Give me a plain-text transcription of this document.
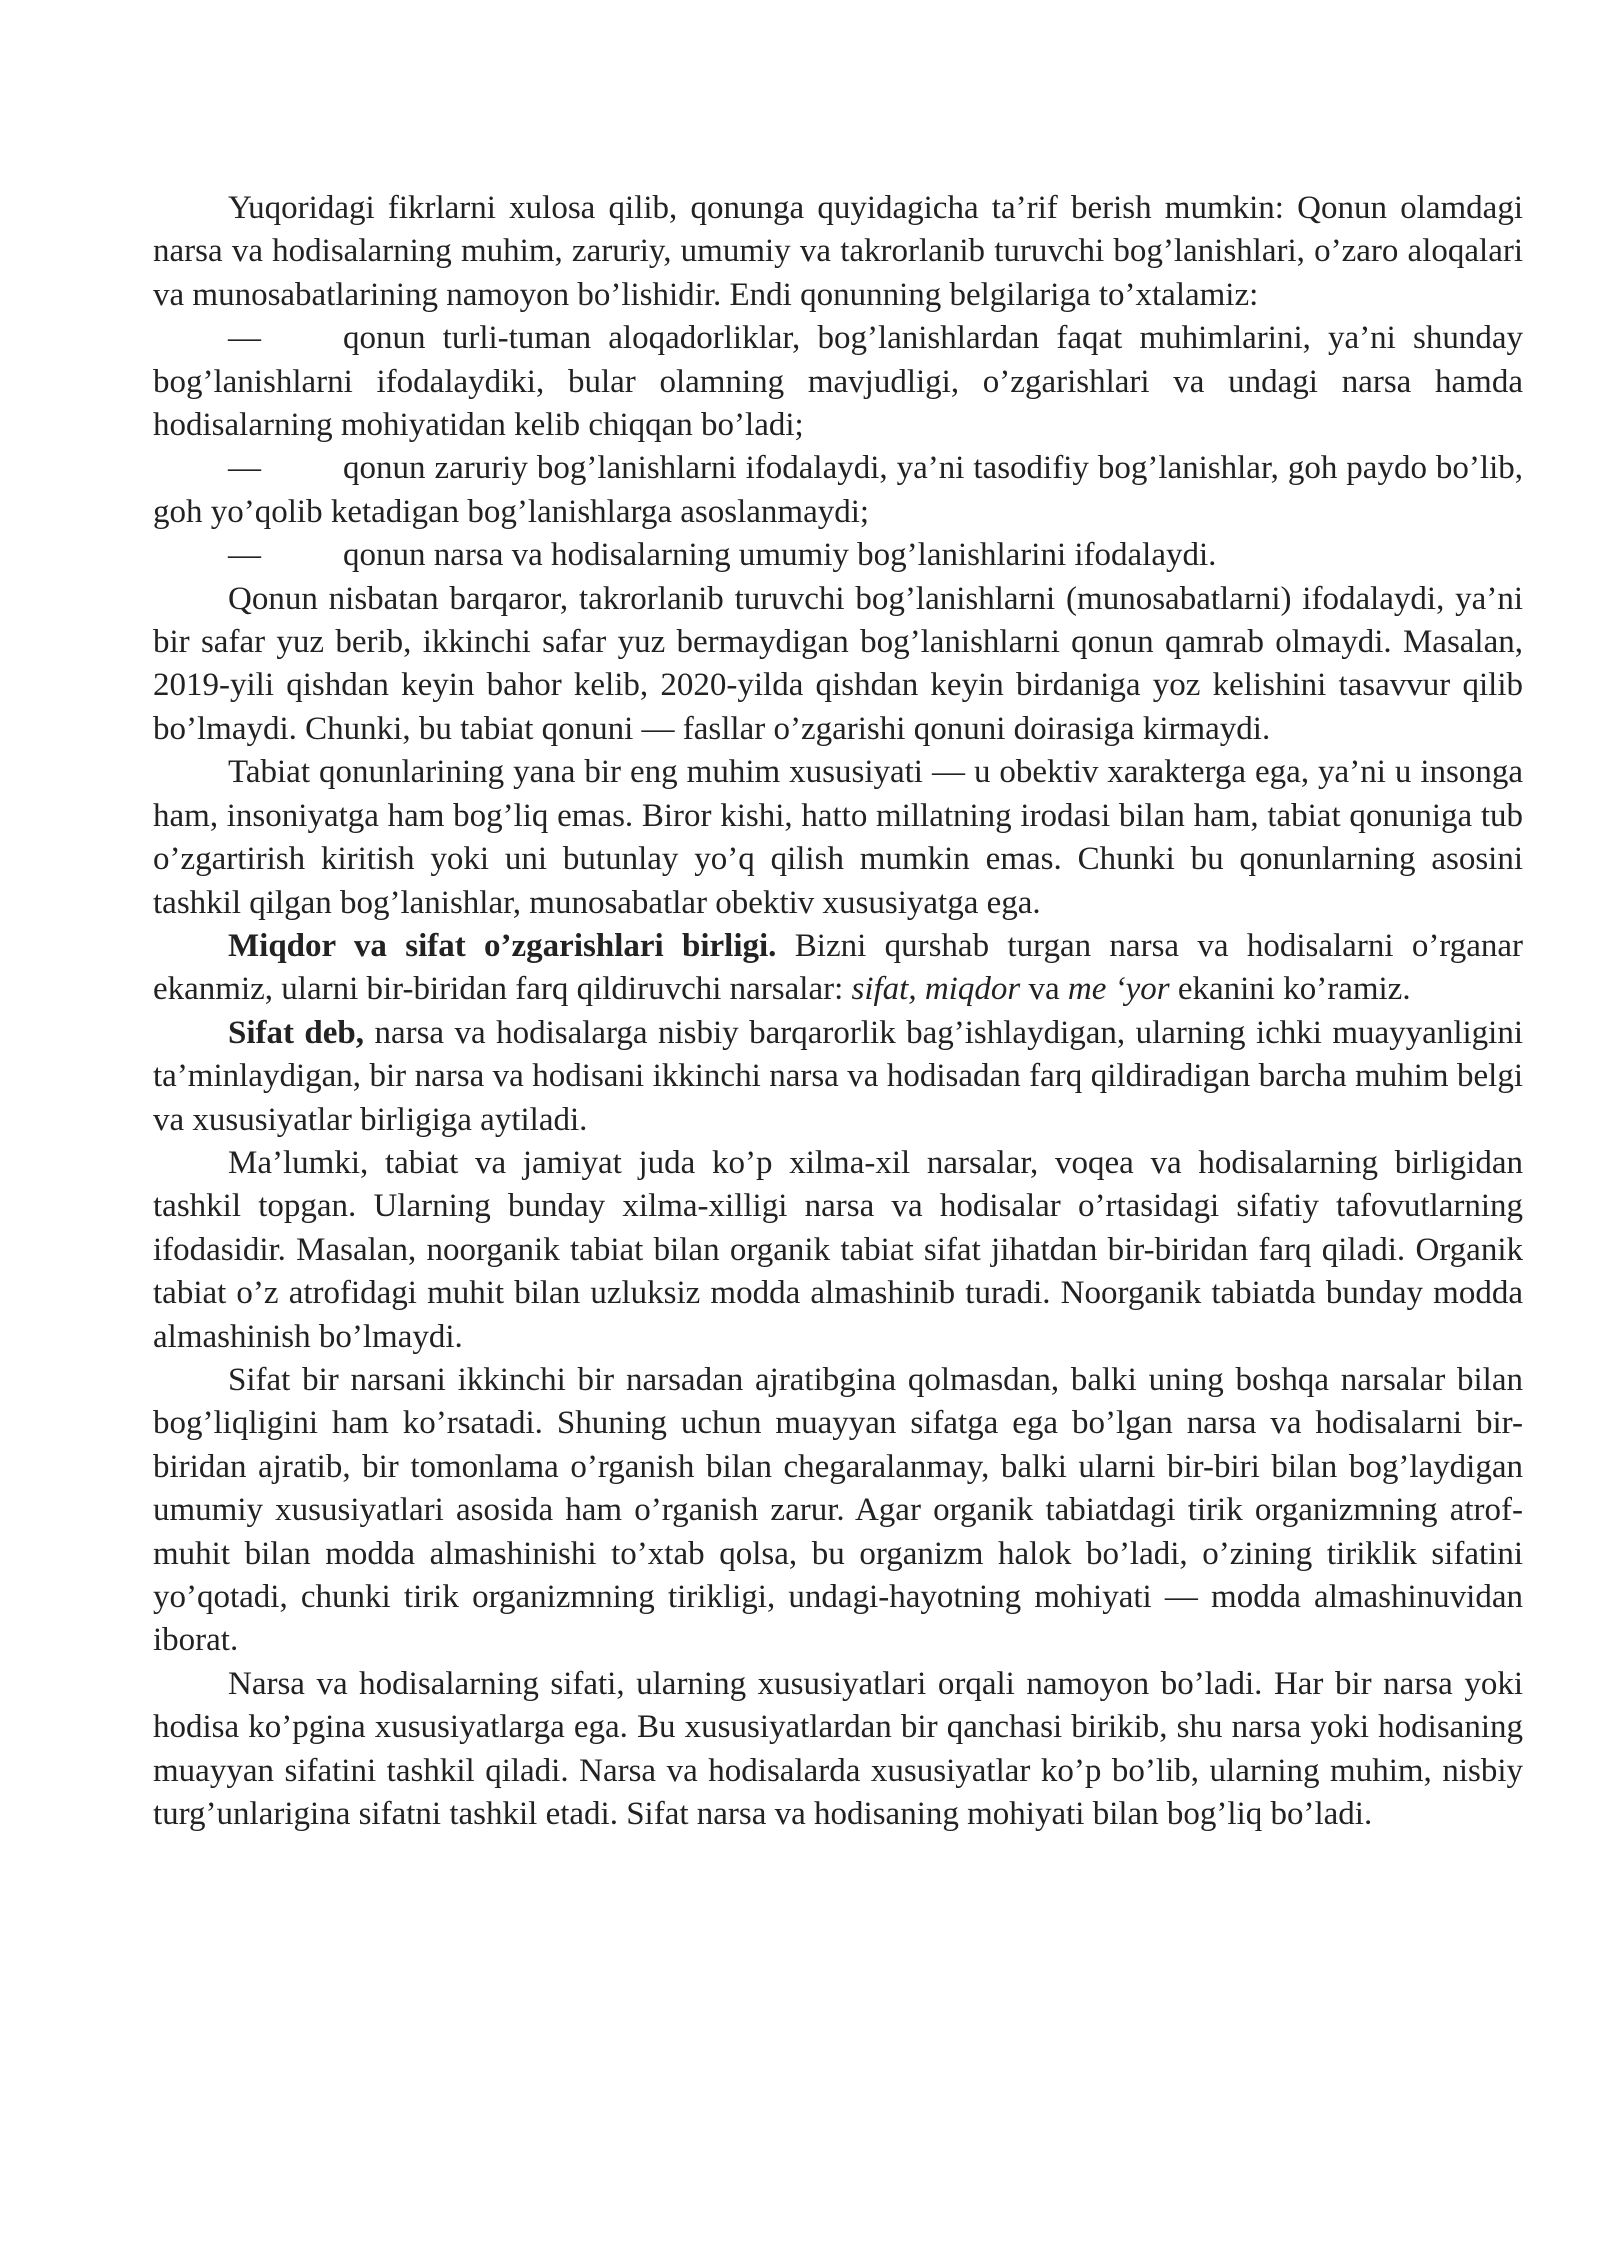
Yuqoridagi fikrlarni xulosa qilib, qonunga quyidagicha ta’rif berish mumkin: Qonun olamdagi narsa va hodisalarning muhim, zaruriy, umumiy va takrorlanib turuvchi bog’lanishlari, o’zaro aloqalari va munosabatlarining namoyon bo’lishidir. Endi qonunning belgilariga to’xtalamiz:

— qonun turli-tuman aloqadorliklar, bog’lanishlardan faqat muhimlarini, ya’ni shunday bog’lanishlarni ifodalaydiki, bular olamning mavjudligi, o’zgarishlari va undagi narsa hamda hodisalarning mohiyatidan kelib chiqqan bo’ladi;

— qonun zaruriy bog’lanishlarni ifodalaydi, ya’ni tasodifiy bog’lanishlar, goh paydo bo’lib, goh yo’qolib ketadigan bog’lanishlarga asoslanmaydi;

— qonun narsa va hodisalarning umumiy bog’lanishlarini ifodalaydi.

Qonun nisbatan barqaror, takrorlanib turuvchi bog’lanishlarni (munosabatlarni) ifodalaydi, ya’ni bir safar yuz berib, ikkinchi safar yuz bermaydigan bog’lanishlarni qonun qamrab olmaydi. Masalan, 2019-yili qishdan keyin bahor kelib, 2020-yilda qishdan keyin birdaniga yoz kelishini tasavvur qilib bo’lmaydi. Chunki, bu tabiat qonuni — fasllar o’zgarishi qonuni doirasiga kirmaydi.

Tabiat qonunlarining yana bir eng muhim xususiyati — u obektiv xarakterga ega, ya’ni u insonga ham, insoniyatga ham bog’liq emas. Biror kishi, hatto millatning irodasi bilan ham, tabiat qonuniga tub o’zgartirish kiritish yoki uni butunlay yo’q qilish mumkin emas. Chunki bu qonunlarning asosini tashkil qilgan bog’lanishlar, munosabatlar obektiv xususiyatga ega.

Miqdor va sifat o’zgarishlari birligi. Bizni qurshab turgan narsa va hodisalarni o’rganar ekanmiz, ularni bir-biridan farq qildiruvchi narsalar: sifat, miqdor va me ‘yor ekanini ko’ramiz.

Sifat deb, narsa va hodisalarga nisbiy barqarorlik bag’ishlaydigan, ularning ichki muayyanligini ta’minlaydigan, bir narsa va hodisani ikkinchi narsa va hodisadan farq qildiradigan barcha muhim belgi va xususiyatlar birligiga aytiladi.

Ma’lumki, tabiat va jamiyat juda ko’p xilma-xil narsalar, voqea va hodisalarning birligidan tashkil topgan. Ularning bunday xilma-xilligi narsa va hodisalar o’rtasidagi sifatiy tafovutlarning ifodasidir. Masalan, noorganik tabiat bilan organik tabiat sifat jihatdan bir-biridan farq qiladi. Organik tabiat o’z atrofidagi muhit bilan uzluksiz modda almashinib turadi. Noorganik tabiatda bunday modda almashinish bo’lmaydi.

Sifat bir narsani ikkinchi bir narsadan ajratibgina qolmasdan, balki uning boshqa narsalar bilan bog’liqligini ham ko’rsatadi. Shuning uchun muayyan sifatga ega bo’lgan narsa va hodisalarni bir-biridan ajratib, bir tomonlama o’rganish bilan chegaralanmay, balki ularni bir-biri bilan bog’laydigan umumiy xususiyatlari asosida ham o’rganish zarur. Agar organik tabiatdagi tirik organizmning atrof-muhit bilan modda almashinishi to’xtab qolsa, bu organizm halok bo’ladi, o’zining tiriklik sifatini yo’qotadi, chunki tirik organizmning tirikligi, undagi-hayotning mohiyati — modda almashinuvidan iborat.

Narsa va hodisalarning sifati, ularning xususiyatlari orqali namoyon bo’ladi. Har bir narsa yoki hodisa ko’pgina xususiyatlarga ega. Bu xususiyatlardan bir qanchasi birikib, shu narsa yoki hodisaning muayyan sifatini tashkil qiladi. Narsa va hodisalarda xususiyatlar ko’p bo’lib, ularning muhim, nisbiy turg’unlarigina sifatni tashkil etadi. Sifat narsa va hodisaning mohiyati bilan bog’liq bo’ladi.
